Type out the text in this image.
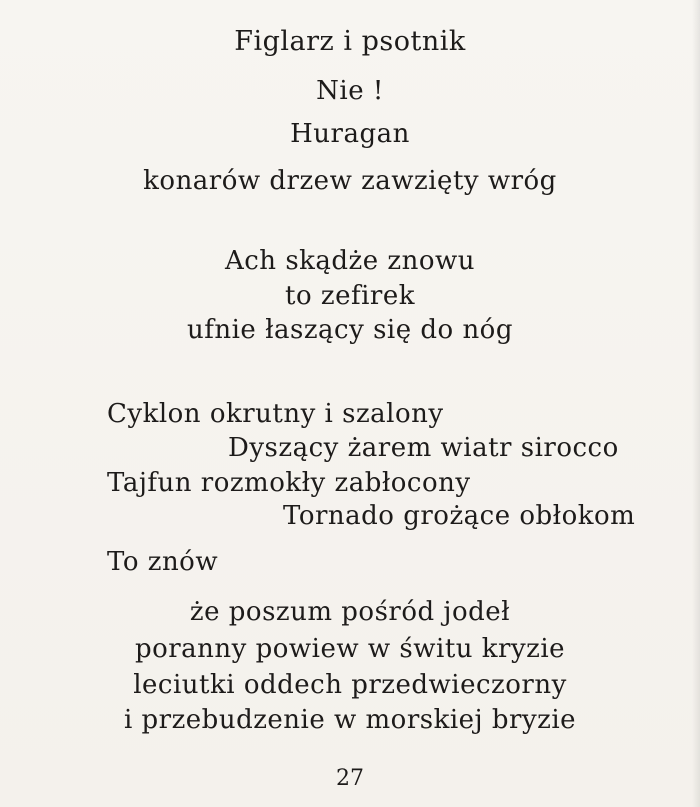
Figlarz i psotnik
Nie !
Huragan
konarów drzew zawzięty wróg
Ach skądże znowu
to zefirek
ufnie łaszący się do nóg
Cyklon okrutny i szalony
Dyszący żarem wiatr sirocco
Tajfun rozmokły zabłocony
Tornado grożące obłokom
To znów
że poszum pośród jodeł
poranny powiew w świtu kryzie
leciutki oddech przedwieczorny
i przebudzenie w morskiej bryzie
27
